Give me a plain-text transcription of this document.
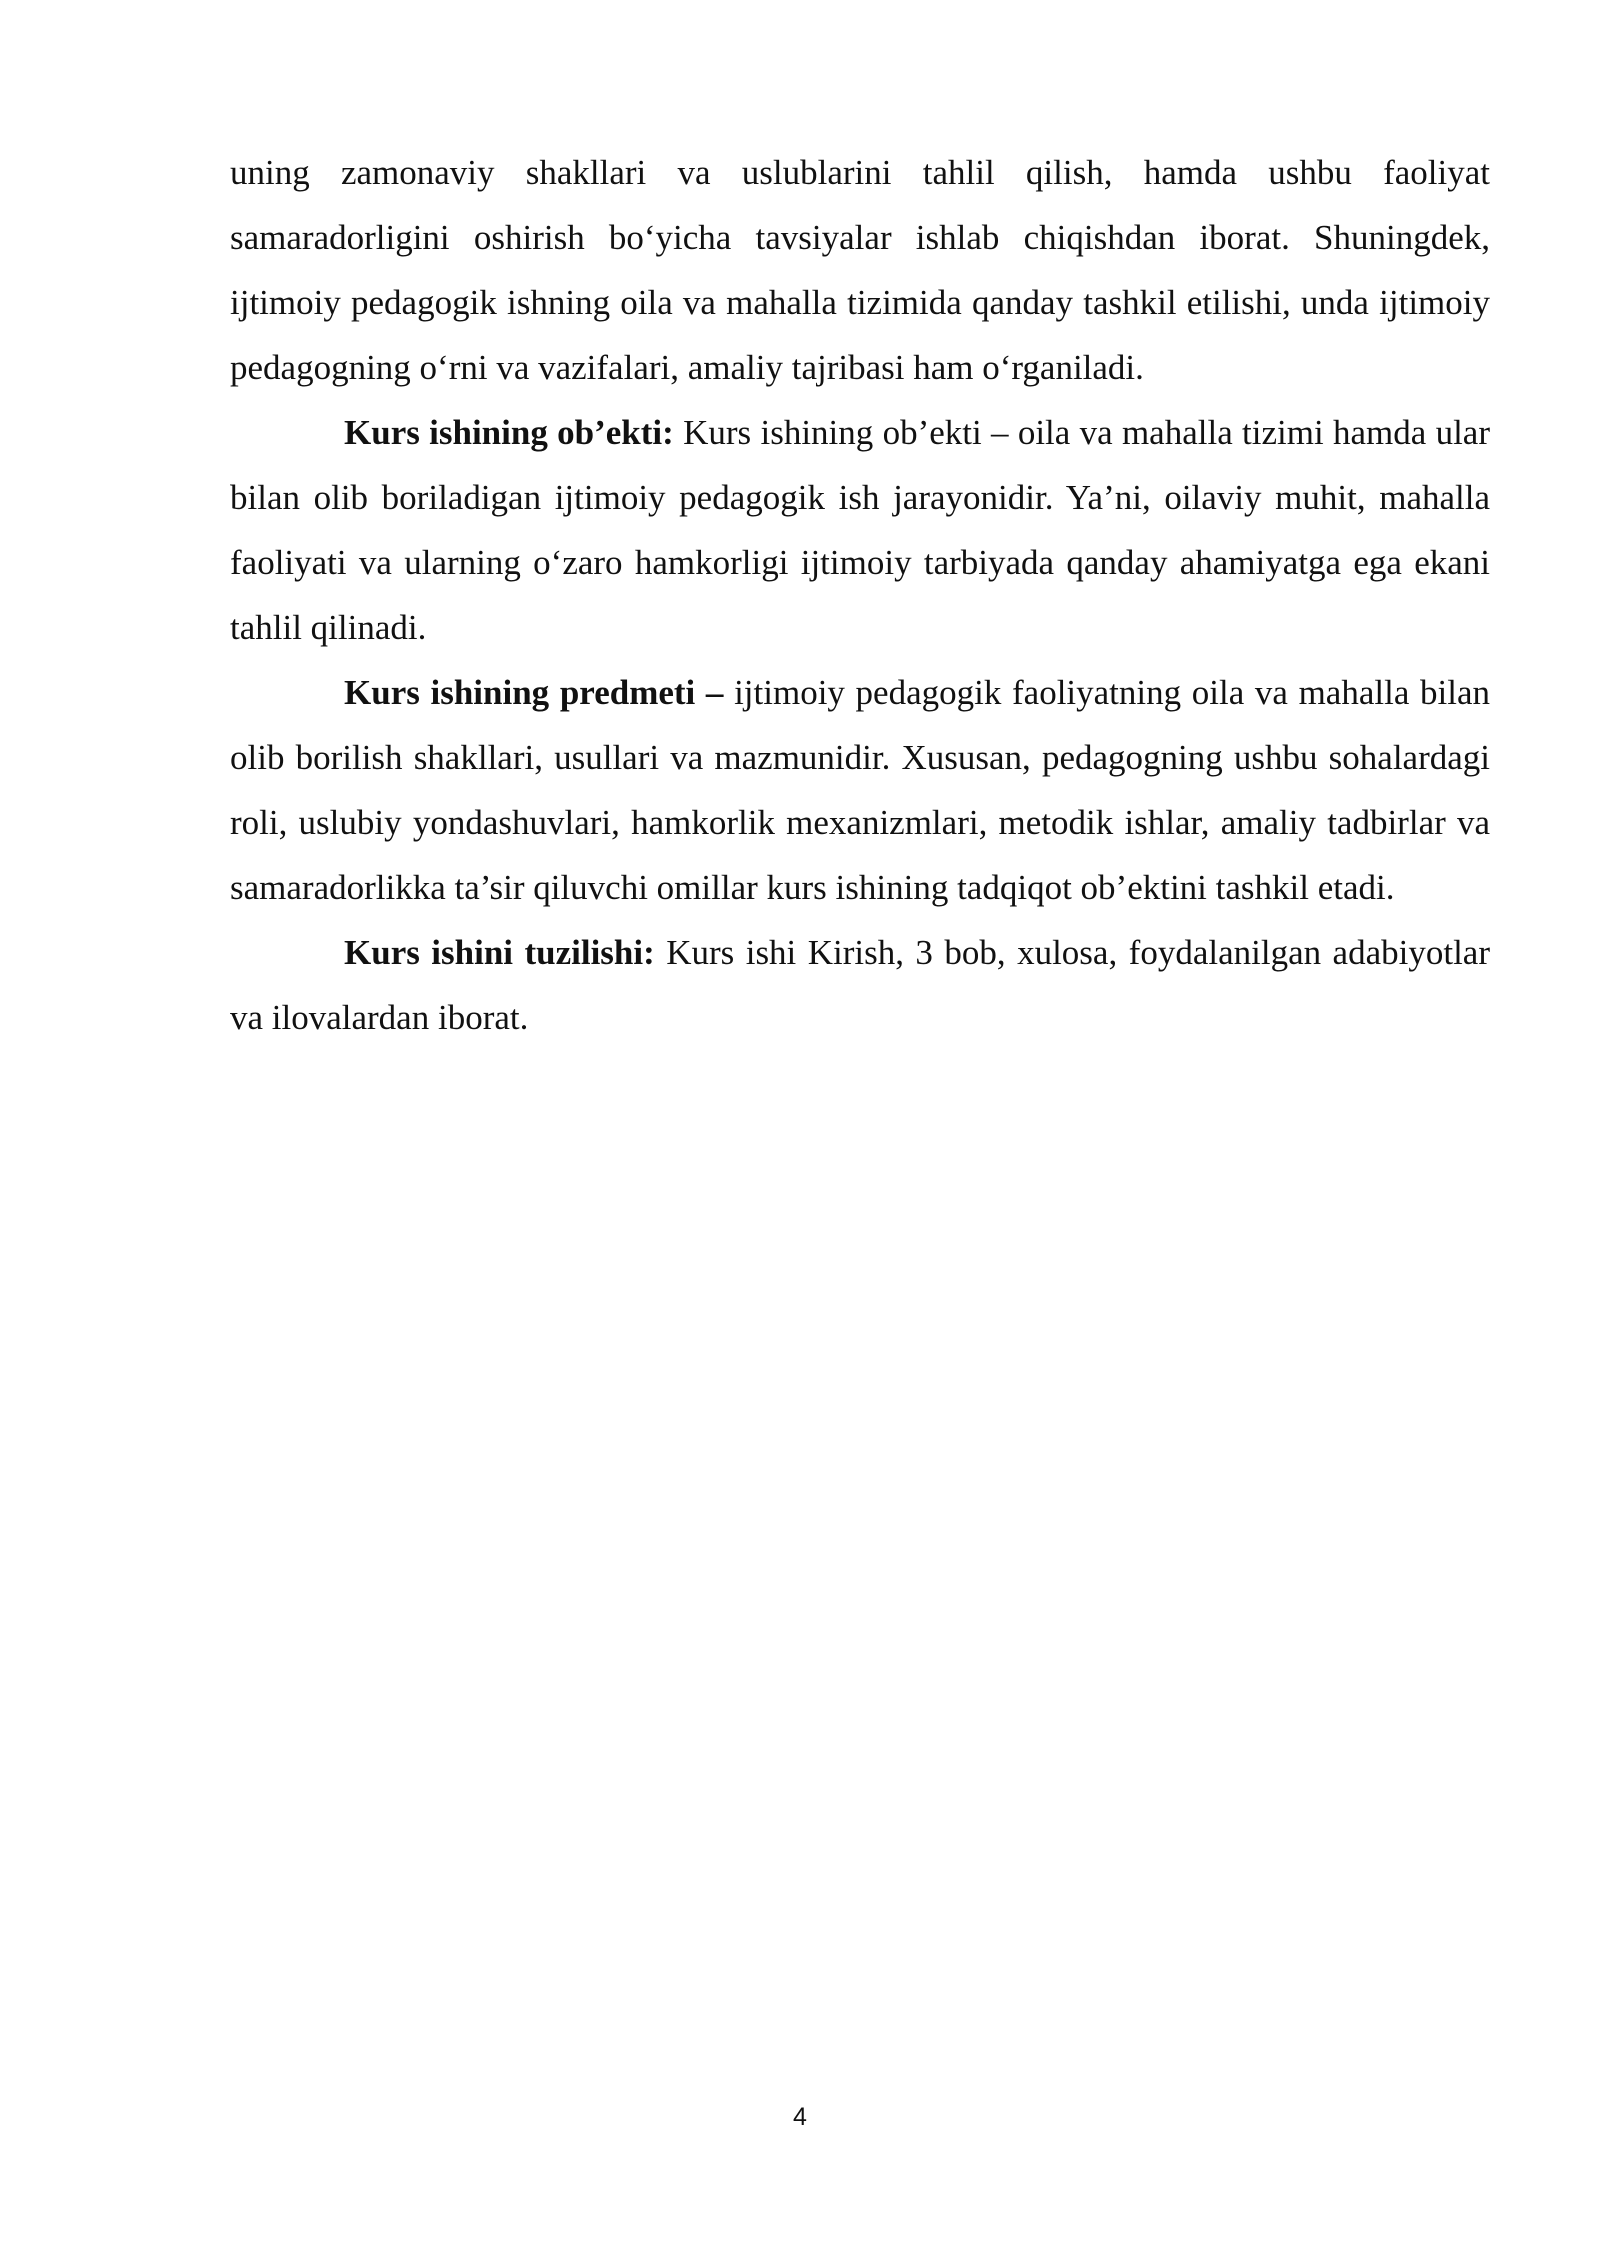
uning zamonaviy shakllari va uslublarini tahlil qilish, hamda ushbu faoliyat samaradorligini oshirish bo‘yicha tavsiyalar ishlab chiqishdan iborat. Shuningdek, ijtimoiy pedagogik ishning oila va mahalla tizimida qanday tashkil etilishi, unda ijtimoiy pedagogning o‘rni va vazifalari, amaliy tajribasi ham o‘rganiladi.

Kurs ishining ob’ekti: Kurs ishining ob’ekti – oila va mahalla tizimi hamda ular bilan olib boriladigan ijtimoiy pedagogik ish jarayonidir. Ya’ni, oilaviy muhit, mahalla faoliyati va ularning o‘zaro hamkorligi ijtimoiy tarbiyada qanday ahamiyatga ega ekani tahlil qilinadi.

Kurs ishining predmeti – ijtimoiy pedagogik faoliyatning oila va mahalla bilan olib borilish shakllari, usullari va mazmunidir. Xususan, pedagogning ushbu sohalardagi roli, uslubiy yondashuvlari, hamkorlik mexanizmlari, metodik ishlar, amaliy tadbirlar va samaradorlikka ta’sir qiluvchi omillar kurs ishining tadqiqot ob’ektini tashkil etadi.

Kurs ishini tuzilishi: Kurs ishi Kirish, 3 bob, xulosa, foydalanilgan adabiyotlar va ilovalardan iborat.

4
